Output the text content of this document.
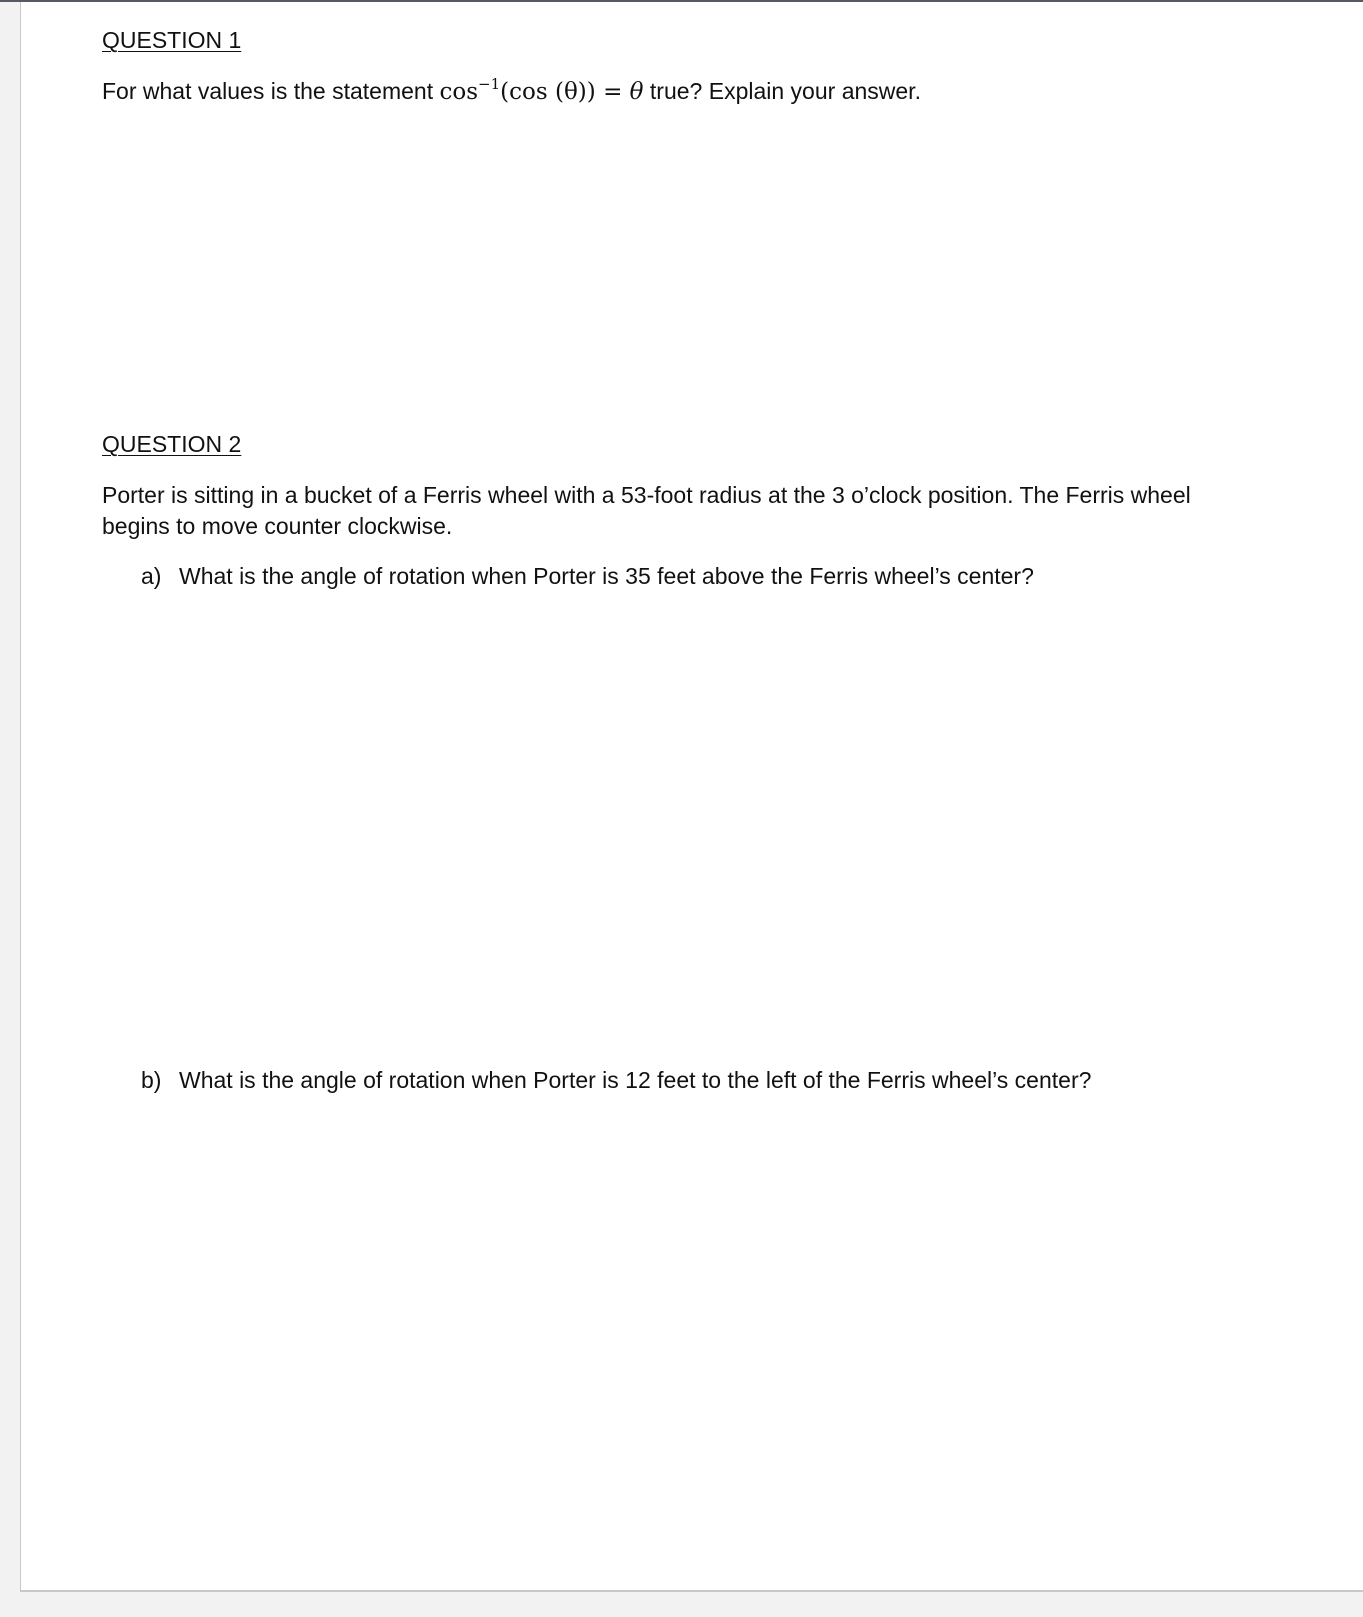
QUESTION 1
For what values is the statement $\cos^{-1}(\cos$ (θ)) = θ true? Explain your answer.
QUESTION 2
Porter is sitting in a bucket of a Ferris wheel with a 53-foot radius at the 3 o’clock position. The Ferris wheel
begins to move counter clockwise.
a) What is the angle of rotation when Porter is 35 feet above the Ferris wheel’s center?
b) What is the angle of rotation when Porter is 12 feet to the left of the Ferris wheel’s center?
